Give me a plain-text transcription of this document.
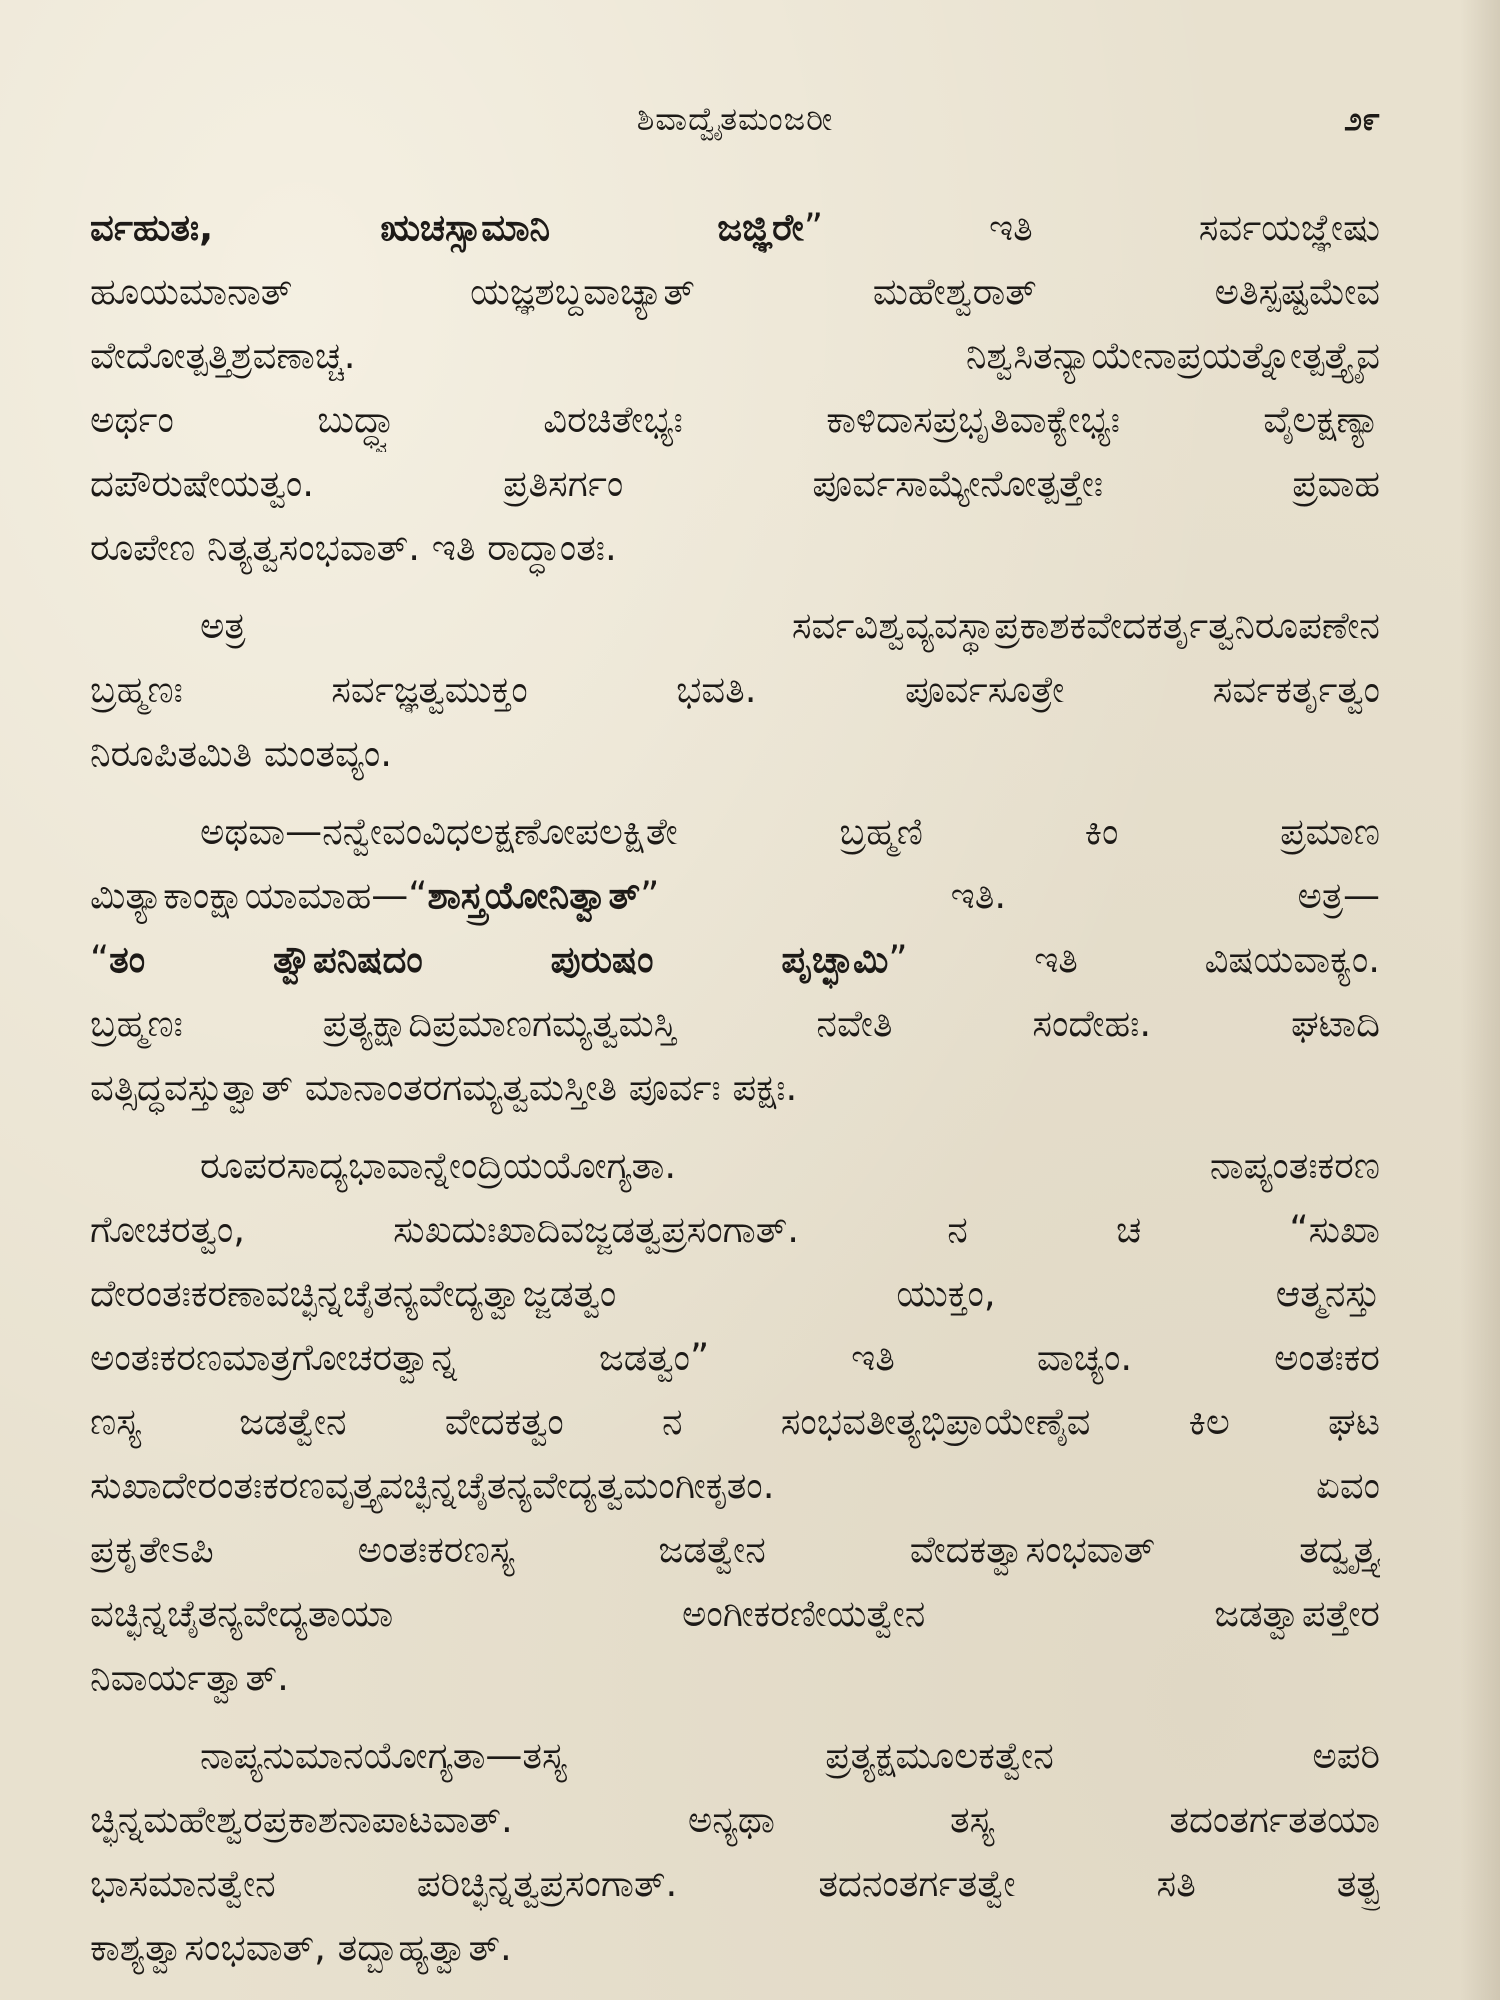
ಶಿವಾದ್ವೈತಮಂಜರೀ	೨೯
ರ್ವಹುತಃ, ಋಚಸ್ಸಾಮಾನಿ ಜಜ್ಞಿರೇ” ಇತಿ ಸರ್ವಯಜ್ಞೇಷು
ಹೂಯಮಾನಾತ್ ಯಜ್ಞಶಬ್ದವಾಚ್ಯಾತ್ ಮಹೇಶ್ವರಾತ್ ಅತಿಸ್ಪಷ್ಟಮೇವ
ವೇದೋತ್ಪತ್ತಿಶ್ರವಣಾಚ್ಚ. ನಿಶ್ವಸಿತನ್ಯಾಯೇನಾಪ್ರಯತ್ನೋತ್ಪತ್ತ್ಯೈವ
ಅರ್ಥಂ ಬುದ್ಧ್ವಾ ವಿರಚಿತೇಭ್ಯಃ ಕಾಳಿದಾಸಪ್ರಭೃತಿವಾಕ್ಯೇಭ್ಯಃ ವೈಲಕ್ಷಣ್ಯಾ
ದಪೌರುಷೇಯತ್ವಂ. ಪ್ರತಿಸರ್ಗಂ ಪೂರ್ವಸಾಮ್ಯೇನೋತ್ಪತ್ತೇಃ ಪ್ರವಾಹ
ರೂಪೇಣ ನಿತ್ಯತ್ವಸಂಭವಾತ್. ಇತಿ ರಾದ್ಧಾಂತಃ.
ಅತ್ರ ಸರ್ವವಿಶ್ವವ್ಯವಸ್ಥಾಪ್ರಕಾಶಕವೇದಕರ್ತೃತ್ವನಿರೂಪಣೇನ
ಬ್ರಹ್ಮಣಃ ಸರ್ವಜ್ಞತ್ವಮುಕ್ತಂ ಭವತಿ. ಪೂರ್ವಸೂತ್ರೇ ಸರ್ವಕರ್ತೃತ್ವಂ
ನಿರೂಪಿತಮಿತಿ ಮಂತವ್ಯಂ.
ಅಥವಾ—ನನ್ವೇವಂವಿಧಲಕ್ಷಣೋಪಲಕ್ಷಿತೇ ಬ್ರಹ್ಮಣಿ ಕಿಂ ಪ್ರಮಾಣ
ಮಿತ್ಯಾಕಾಂಕ್ಷಾಯಾಮಾಹ—“ಶಾಸ್ತ್ರಯೋನಿತ್ವಾತ್” ಇತಿ. ಅತ್ರ—
“ತಂ ತ್ವೌಪನಿಷದಂ ಪುರುಷಂ ಪೃಚ್ಛಾಮಿ” ಇತಿ ವಿಷಯವಾಕ್ಯಂ.
ಬ್ರಹ್ಮಣಃ ಪ್ರತ್ಯಕ್ಷಾದಿಪ್ರಮಾಣಗಮ್ಯತ್ವಮಸ್ತಿ ನವೇತಿ ಸಂದೇಹಃ. ಘಟಾದಿ
ವತ್ಸಿದ್ಧವಸ್ತುತ್ವಾತ್ ಮಾನಾಂತರಗಮ್ಯತ್ವಮಸ್ತೀತಿ ಪೂರ್ವಃ ಪಕ್ಷಃ.
ರೂಪರಸಾದ್ಯಭಾವಾನ್ನೇಂದ್ರಿಯಯೋಗ್ಯತಾ. ನಾಪ್ಯಂತಃಕರಣ
ಗೋಚರತ್ವಂ, ಸುಖದುಃಖಾದಿವಜ್ಜಡತ್ವಪ್ರಸಂಗಾತ್. ನ ಚ “ಸುಖಾ
ದೇರಂತಃಕರಣಾವಚ್ಛಿನ್ನಚೈತನ್ಯವೇದ್ಯತ್ವಾಜ್ಜಡತ್ವಂ ಯುಕ್ತಂ, ಆತ್ಮನಸ್ತು
ಅಂತಃಕರಣಮಾತ್ರಗೋಚರತ್ವಾನ್ನ ಜಡತ್ವಂ” ಇತಿ ವಾಚ್ಯಂ. ಅಂತಃಕರ
ಣಸ್ಯ ಜಡತ್ವೇನ ವೇದಕತ್ವಂ ನ ಸಂಭವತೀತ್ಯಭಿಪ್ರಾಯೇಣೈವ ಕಿಲ ಘಟ
ಸುಖಾದೇರಂತಃಕರಣವೃತ್ತ್ಯವಚ್ಛಿನ್ನಚೈತನ್ಯವೇದ್ಯತ್ವಮಂಗೀಕೃತಂ. ಏವಂ
ಪ್ರಕೃತೇಽಪಿ ಅಂತಃಕರಣಸ್ಯ ಜಡತ್ವೇನ ವೇದಕತ್ವಾಸಂಭವಾತ್ ತದ್ವೃತ್ತ್ಯ
ವಚ್ಛಿನ್ನಚೈತನ್ಯವೇದ್ಯತಾಯಾ ಅಂಗೀಕರಣೀಯತ್ವೇನ ಜಡತ್ವಾಪತ್ತೇರ
ನಿವಾರ್ಯತ್ವಾತ್.
ನಾಪ್ಯನುಮಾನಯೋಗ್ಯತಾ—ತಸ್ಯ ಪ್ರತ್ಯಕ್ಷಮೂಲಕತ್ವೇನ ಅಪರಿ
ಚ್ಛಿನ್ನಮಹೇಶ್ವರಪ್ರಕಾಶನಾಪಾಟವಾತ್. ಅನ್ಯಥಾ ತಸ್ಯ ತದಂತರ್ಗತತಯಾ
ಭಾಸಮಾನತ್ವೇನ ಪರಿಚ್ಛಿನ್ನತ್ವಪ್ರಸಂಗಾತ್. ತದನಂತರ್ಗತತ್ವೇ ಸತಿ ತತ್ಪ್ರ
ಕಾಶ್ಯತ್ವಾಸಂಭವಾತ್, ತದ್ಬಾಹ್ಯತ್ವಾತ್.
